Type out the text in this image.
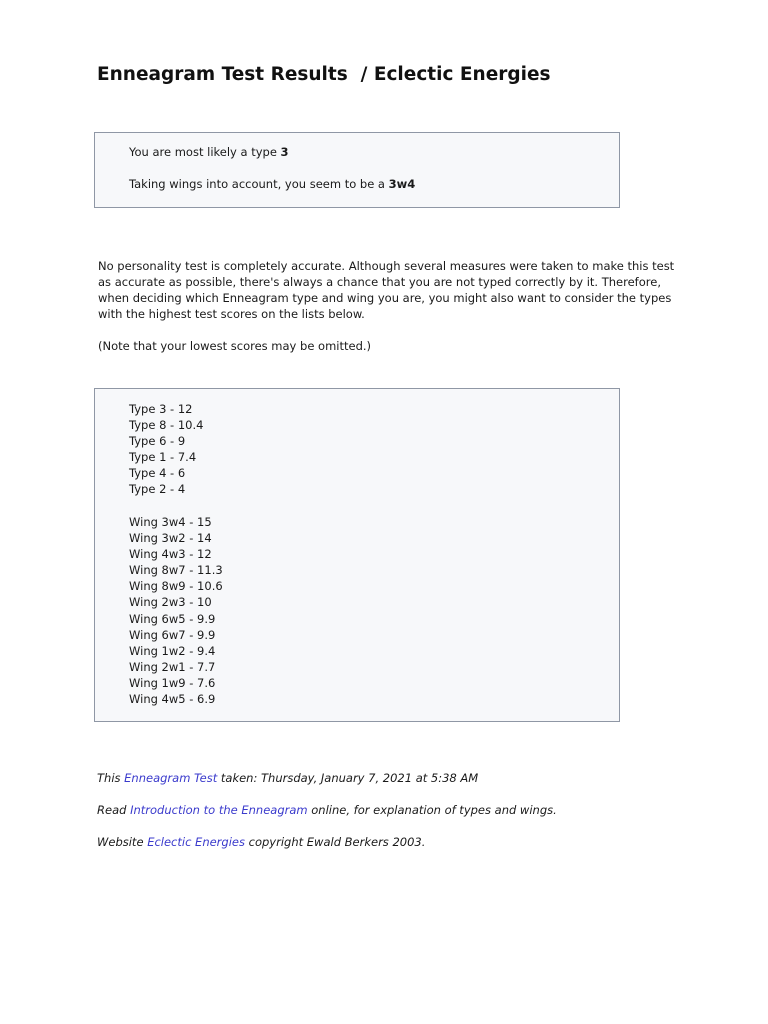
Enneagram Test Results  / Eclectic Energies
You are most likely a type 3
Taking wings into account, you seem to be a 3w4

No personality test is completely accurate. Although several measures were taken to make this test as accurate as possible, there's always a chance that you are not typed correctly by it. Therefore, when deciding which Enneagram type and wing you are, you might also want to consider the types with the highest test scores on the lists below.

(Note that your lowest scores may be omitted.)

Type 3 - 12
Type 8 - 10.4
Type 6 - 9
Type 1 - 7.4
Type 4 - 6
Type 2 - 4
Wing 3w4 - 15
Wing 3w2 - 14
Wing 4w3 - 12
Wing 8w7 - 11.3
Wing 8w9 - 10.6
Wing 2w3 - 10
Wing 6w5 - 9.9
Wing 6w7 - 9.9
Wing 1w2 - 9.4
Wing 2w1 - 7.7
Wing 1w9 - 7.6
Wing 4w5 - 6.9

This Enneagram Test taken: Thursday, January 7, 2021 at 5:38 AM

Read Introduction to the Enneagram online, for explanation of types and wings.

Website Eclectic Energies copyright Ewald Berkers 2003.
